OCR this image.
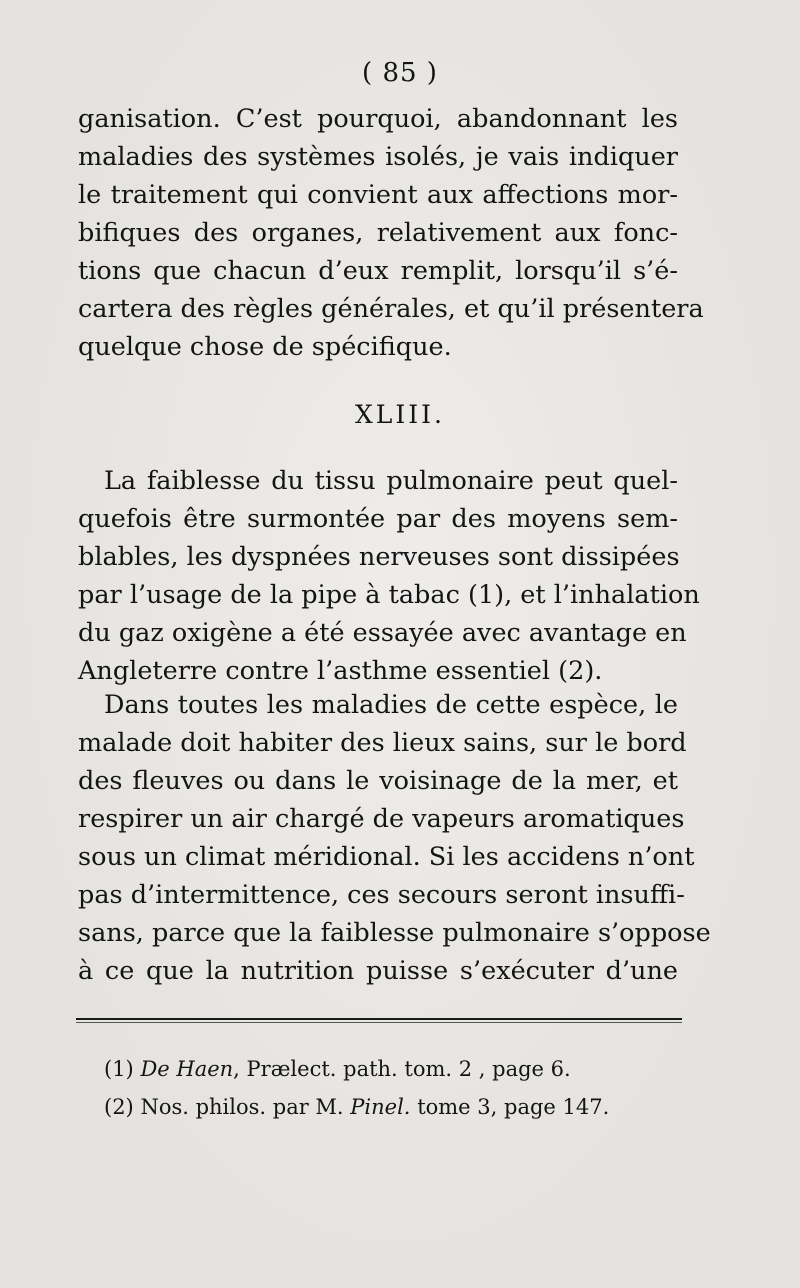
( 85 )
ganisation. C’est pourquoi, abandonnant les
maladies des systèmes isolés, je vais indiquer
le traitement qui convient aux affections mor-
bifiques des organes, relativement aux fonc-
tions que chacun d’eux remplit, lorsqu’il s’é-
cartera des règles générales, et qu’il présentera
quelque chose de spécifique.
XLIII.
La faiblesse du tissu pulmonaire peut quel-
quefois être surmontée par des moyens sem-
blables, les dyspnées nerveuses sont dissipées
par l’usage de la pipe à tabac (1), et l’inhalation
du gaz oxigène a été essayée avec avantage en
Angleterre contre l’asthme essentiel (2).
Dans toutes les maladies de cette espèce, le
malade doit habiter des lieux sains, sur le bord
des fleuves ou dans le voisinage de la mer, et
respirer un air chargé de vapeurs aromatiques
sous un climat méridional. Si les accidens n’ont
pas d’intermittence, ces secours seront insuffi-
sans, parce que la faiblesse pulmonaire s’oppose
à ce que la nutrition puisse s’exécuter d’une
(1) De Haen, Prælect. path. tom. 2 , page 6.
(2) Nos. philos. par M. Pinel. tome 3, page 147.
